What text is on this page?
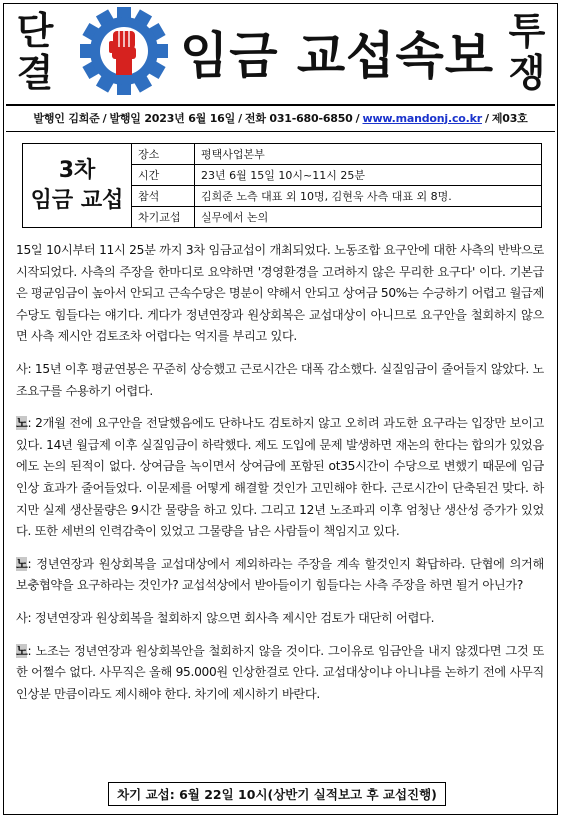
단
결	임금 교섭속보 투
쟁
발행인 김희준 / 발행일 2023년 6월 16일 / 전화 031-680-6850 / www.mandonj.co.kr / 제03호
3차
임금 교섭	장소	평택사업본부
	시간	23년 6월 15일 10시~11시 25분
	참석	김희준 노측 대표 외 10명, 김현욱 사측 대표 외 8명.
	차기교섭	실무에서 논의

15일 10시부터 11시 25분 까지 3차 임금교섭이 개최되었다. 노동조합 요구안에 대한 사측의 반박으로 시작되었다. 사측의 주장을 한마디로 요약하면 '경영환경을 고려하지 않은 무리한 요구다' 이다. 기본급은 평균임금이 높아서 안되고 근속수당은 명분이 약해서 안되고 상여금 50%는 수긍하기 어렵고 월급제 수당도 힘들다는 얘기다. 게다가 정년연장과 원상회복은 교섭대상이 아니므로 요구안을 철회하지 않으면 사측 제시안 검토조차 어렵다는 억지를 부리고 있다.

사: 15년 이후 평균연봉은 꾸준히 상승했고 근로시간은 대폭 감소했다. 실질임금이 줄어들지 않았다. 노조요구를 수용하기 어렵다.

노: 2개월 전에 요구안을 전달했음에도 단하나도 검토하지 않고 오히려 과도한 요구라는 입장만 보이고 있다. 14년 월급제 이후 실질임금이 하락했다. 제도 도입에 문제 발생하면 재논의 한다는 합의가 있었음에도 논의 된적이 없다. 상여금을 녹이면서 상여금에 포함된 ot35시간이 수당으로 변했기 때문에 임금인상 효과가 줄어들었다. 이문제를 어떻게 해결할 것인가 고민해야 한다. 근로시간이 단축된건 맞다. 하지만 실제 생산물량은 9시간 물량을 하고 있다. 그리고 12년 노조파괴 이후 엄청난 생산성 증가가 있었다. 또한 세번의 인력감축이 있었고 그물량을 남은 사람들이 책임지고 있다.

노: 정년연장과 원상회복을 교섭대상에서 제외하라는 주장을 계속 할것인지 확답하라. 단협에 의거해 보충협약을 요구하라는 것인가? 교섭석상에서 받아들이기 힘들다는 사측 주장을 하면 될거 아닌가?

사: 정년연장과 원상회복을 철회하지 않으면 회사측 제시안 검토가 대단히 어렵다.

노: 노조는 정년연장과 원상회복안을 철회하지 않을 것이다. 그이유로 임금안을 내지 않겠다면 그것 또한 어쩔수 없다. 사무직은 올해 95.000원 인상한걸로 안다. 교섭대상이냐 아니냐를 논하기 전에 사무직 인상분 만큼이라도 제시해야 한다. 차기에 제시하기 바란다.

차기 교섭: 6월 22일 10시(상반기 실적보고 후 교섭진행)
